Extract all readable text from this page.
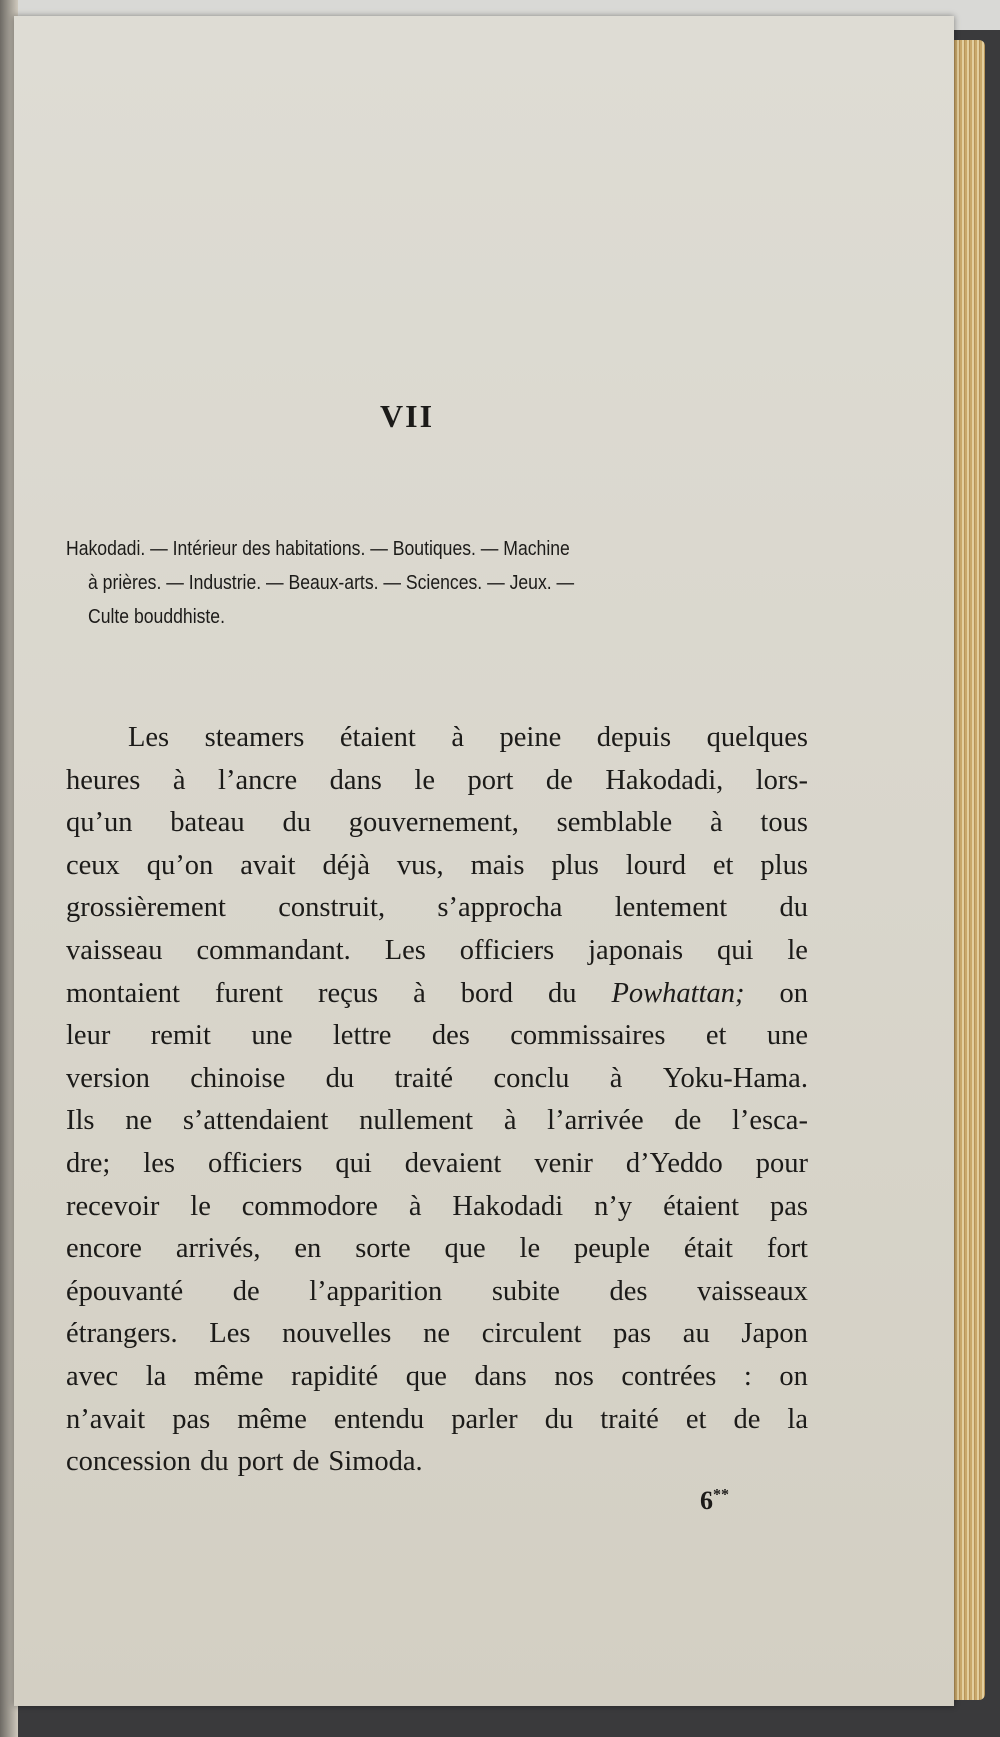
VII
Hakodadi. — Intérieur des habitations. — Boutiques. — Machine
à prières. — Industrie. — Beaux-arts. — Sciences. — Jeux. —
Culte bouddhiste.
Les steamers étaient à peine depuis quelques
heures à l’ancre dans le port de Hakodadi, lors-
qu’un bateau du gouvernement, semblable à tous
ceux qu’on avait déjà vus, mais plus lourd et plus
grossièrement construit, s’approcha lentement du
vaisseau commandant. Les officiers japonais qui le
montaient furent reçus à bord du Powhattan; on
leur remit une lettre des commissaires et une
version chinoise du traité conclu à Yoku-Hama.
Ils ne s’attendaient nullement à l’arrivée de l’esca-
dre; les officiers qui devaient venir d’Yeddo pour
recevoir le commodore à Hakodadi n’y étaient pas
encore arrivés, en sorte que le peuple était fort
épouvanté de l’apparition subite des vaisseaux
étrangers. Les nouvelles ne circulent pas au Japon
avec la même rapidité que dans nos contrées : on
n’avait pas même entendu parler du traité et de la
concession du port de Simoda.
6**
